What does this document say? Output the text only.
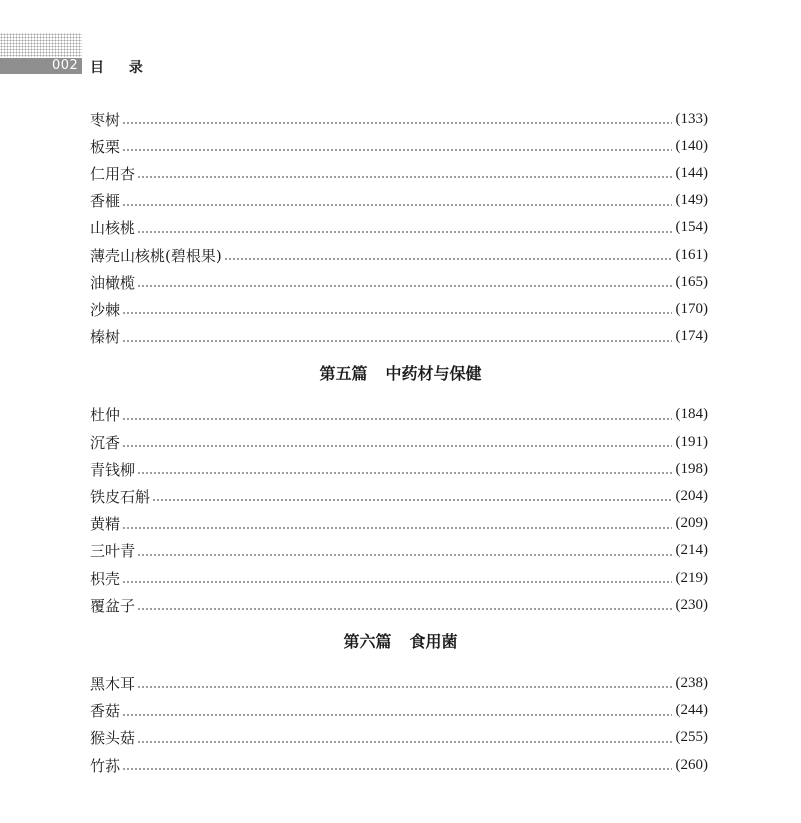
002 目 录
枣树	(133)
板栗	(140)
仁用杏	(144)
香榧	(149)
山核桃	(154)
薄壳山核桃(碧根果)	(161)
油橄榄	(165)
沙棘	(170)
榛树	(174)
杜仲	(184)
沉香	(191)
青钱柳	(198)
铁皮石斛	(204)
黄精	(209)
三叶青	(214)
枳壳	(219)
覆盆子	(230)
黑木耳	(238)
香菇	(244)
猴头菇	(255)
竹荪	(260)
第五篇 中药材与保健
第六篇 食用菌
